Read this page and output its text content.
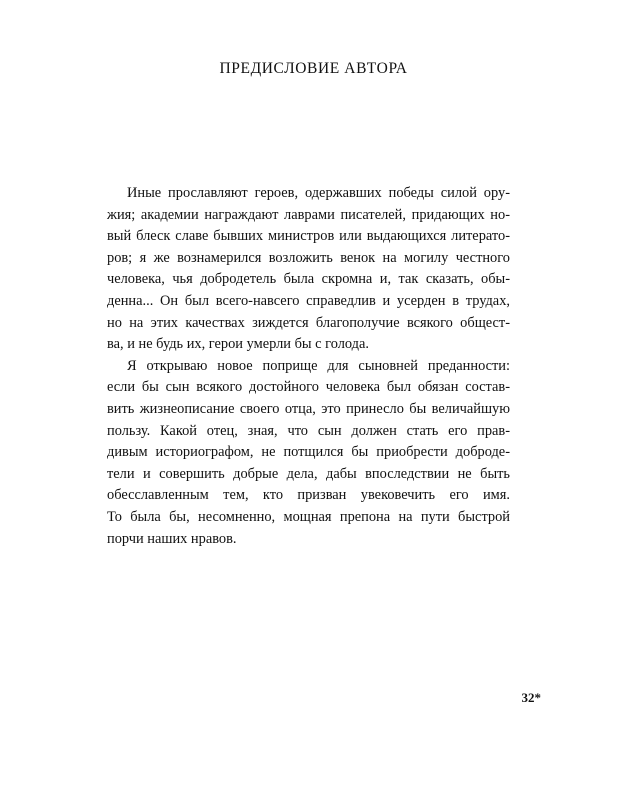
ПРЕДИСЛОВИЕ АВТОРА
Иные прославляют героев, одержавших победы силой ору-
жия; академии награждают лаврами писателей, придающих но-
вый блеск славе бывших министров или выдающихся литерато-
ров; я же вознамерился возложить венок на могилу честного
человека, чья добродетель была скромна и, так сказать, обы-
денна... Он был всего-навсего справедлив и усерден в трудах,
но на этих качествах зиждется благополучие всякого общест-
ва, и не будь их, герои умерли бы с голода.
Я открываю новое поприще для сыновней преданности:
если бы сын всякого достойного человека был обязан состав-
вить жизнеописание своего отца, это принесло бы величайшую
пользу. Какой отец, зная, что сын должен стать его прав-
дивым историографом, не потщился бы приобрести доброде-
тели и совершить добрые дела, дабы впоследствии не быть
обесславленным тем, кто призван увековечить его имя.
То была бы, несомненно, мощная препона на пути быстрой
порчи наших нравов.
32*
